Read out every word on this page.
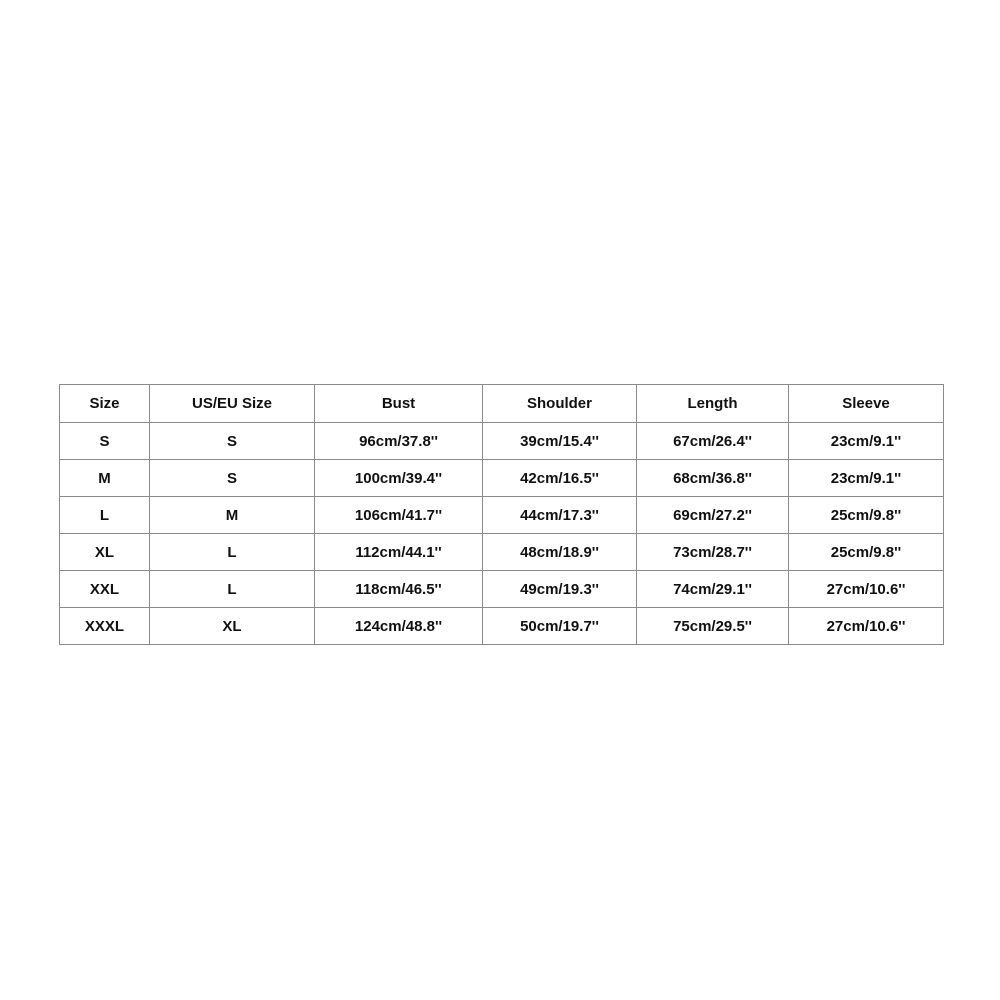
Size	US/EU Size	Bust	Shoulder	Length	Sleeve
S	S	96cm/37.8''	39cm/15.4''	67cm/26.4''	23cm/9.1''
M	S	100cm/39.4''	42cm/16.5''	68cm/36.8''	23cm/9.1''
L	M	106cm/41.7''	44cm/17.3''	69cm/27.2''	25cm/9.8''
XL	L	112cm/44.1''	48cm/18.9''	73cm/28.7''	25cm/9.8''
XXL	L	118cm/46.5''	49cm/19.3''	74cm/29.1''	27cm/10.6''
XXXL	XL	124cm/48.8''	50cm/19.7''	75cm/29.5''	27cm/10.6''
